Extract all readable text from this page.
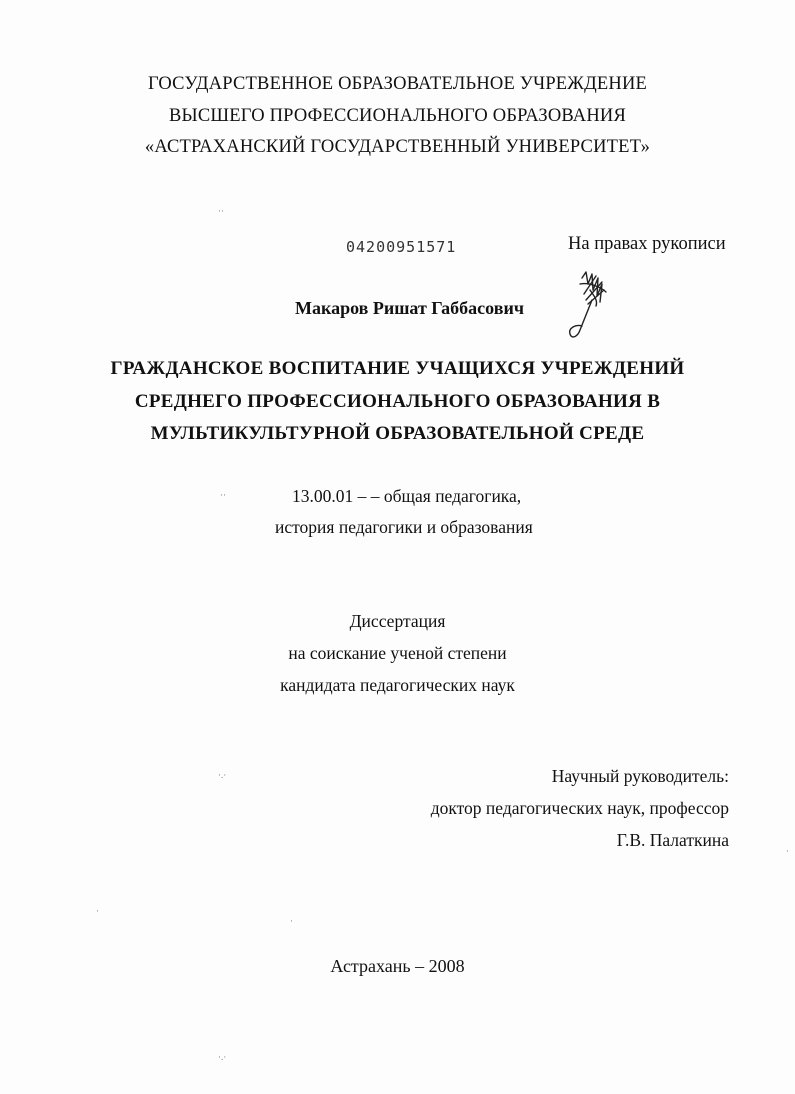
ГОСУДАРСТВЕННОЕ ОБРАЗОВАТЕЛЬНОЕ УЧРЕЖДЕНИЕ
ВЫСШЕГО ПРОФЕССИОНАЛЬНОГО ОБРАЗОВАНИЯ
«АСТРАХАНСКИЙ ГОСУДАРСТВЕННЫЙ УНИВЕРСИТЕТ»
04200951571	На правах рукописи
Макаров Ришат Габбасович
ГРАЖДАНСКОЕ ВОСПИТАНИЕ УЧАЩИХСЯ УЧРЕЖДЕНИЙ
СРЕДНЕГО ПРОФЕССИОНАЛЬНОГО ОБРАЗОВАНИЯ В
МУЛЬТИКУЛЬТУРНОЙ ОБРАЗОВАТЕЛЬНОЙ СРЕДЕ
13.00.01 – – общая педагогика,
история педагогики и образования
Диссертация
на соискание ученой степени
кандидата педагогических наук
Научный руководитель:
доктор педагогических наук, профессор
Г.В. Палаткина
Астрахань – 2008
··
··
·.·
·
·
·.·
·
